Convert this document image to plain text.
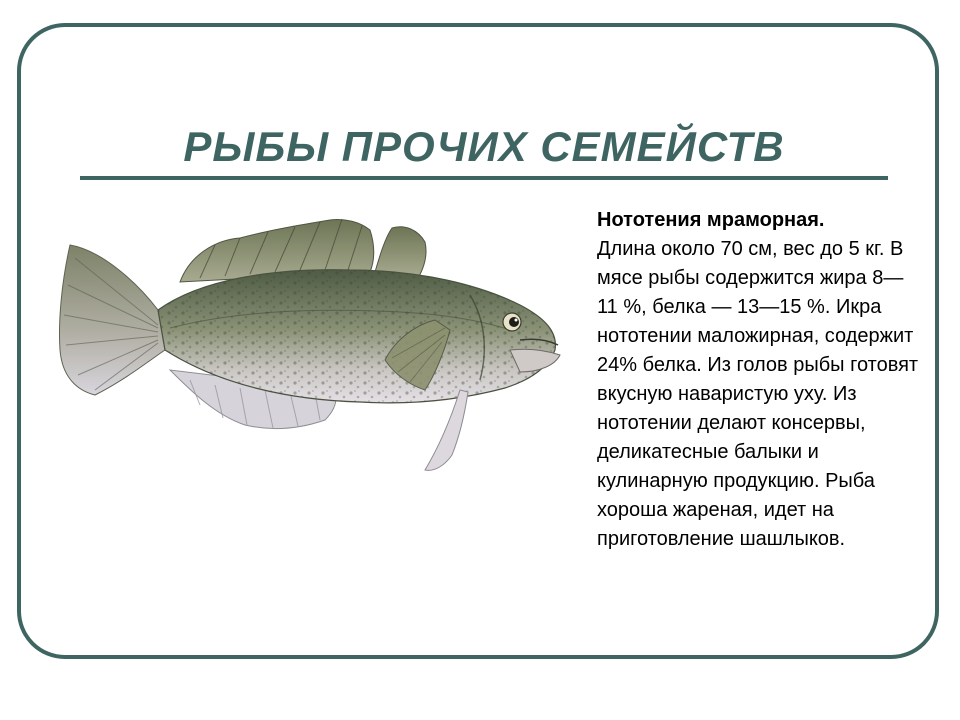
РЫБЫ ПРОЧИХ СЕМЕЙСТВ
Нототения мраморная.
Длина около 70 см, вес до 5 кг. В мясе рыбы содержится жира 8—11 %, белка — 13—15 %. Икра нототении маложирная, содержит 24% белка. Из голов рыбы готовят вкусную наваристую уху. Из нототении делают консервы, деликатесные балыки и кулинарную продукцию. Рыба хороша жареная, идет на приготовление шашлыков.
